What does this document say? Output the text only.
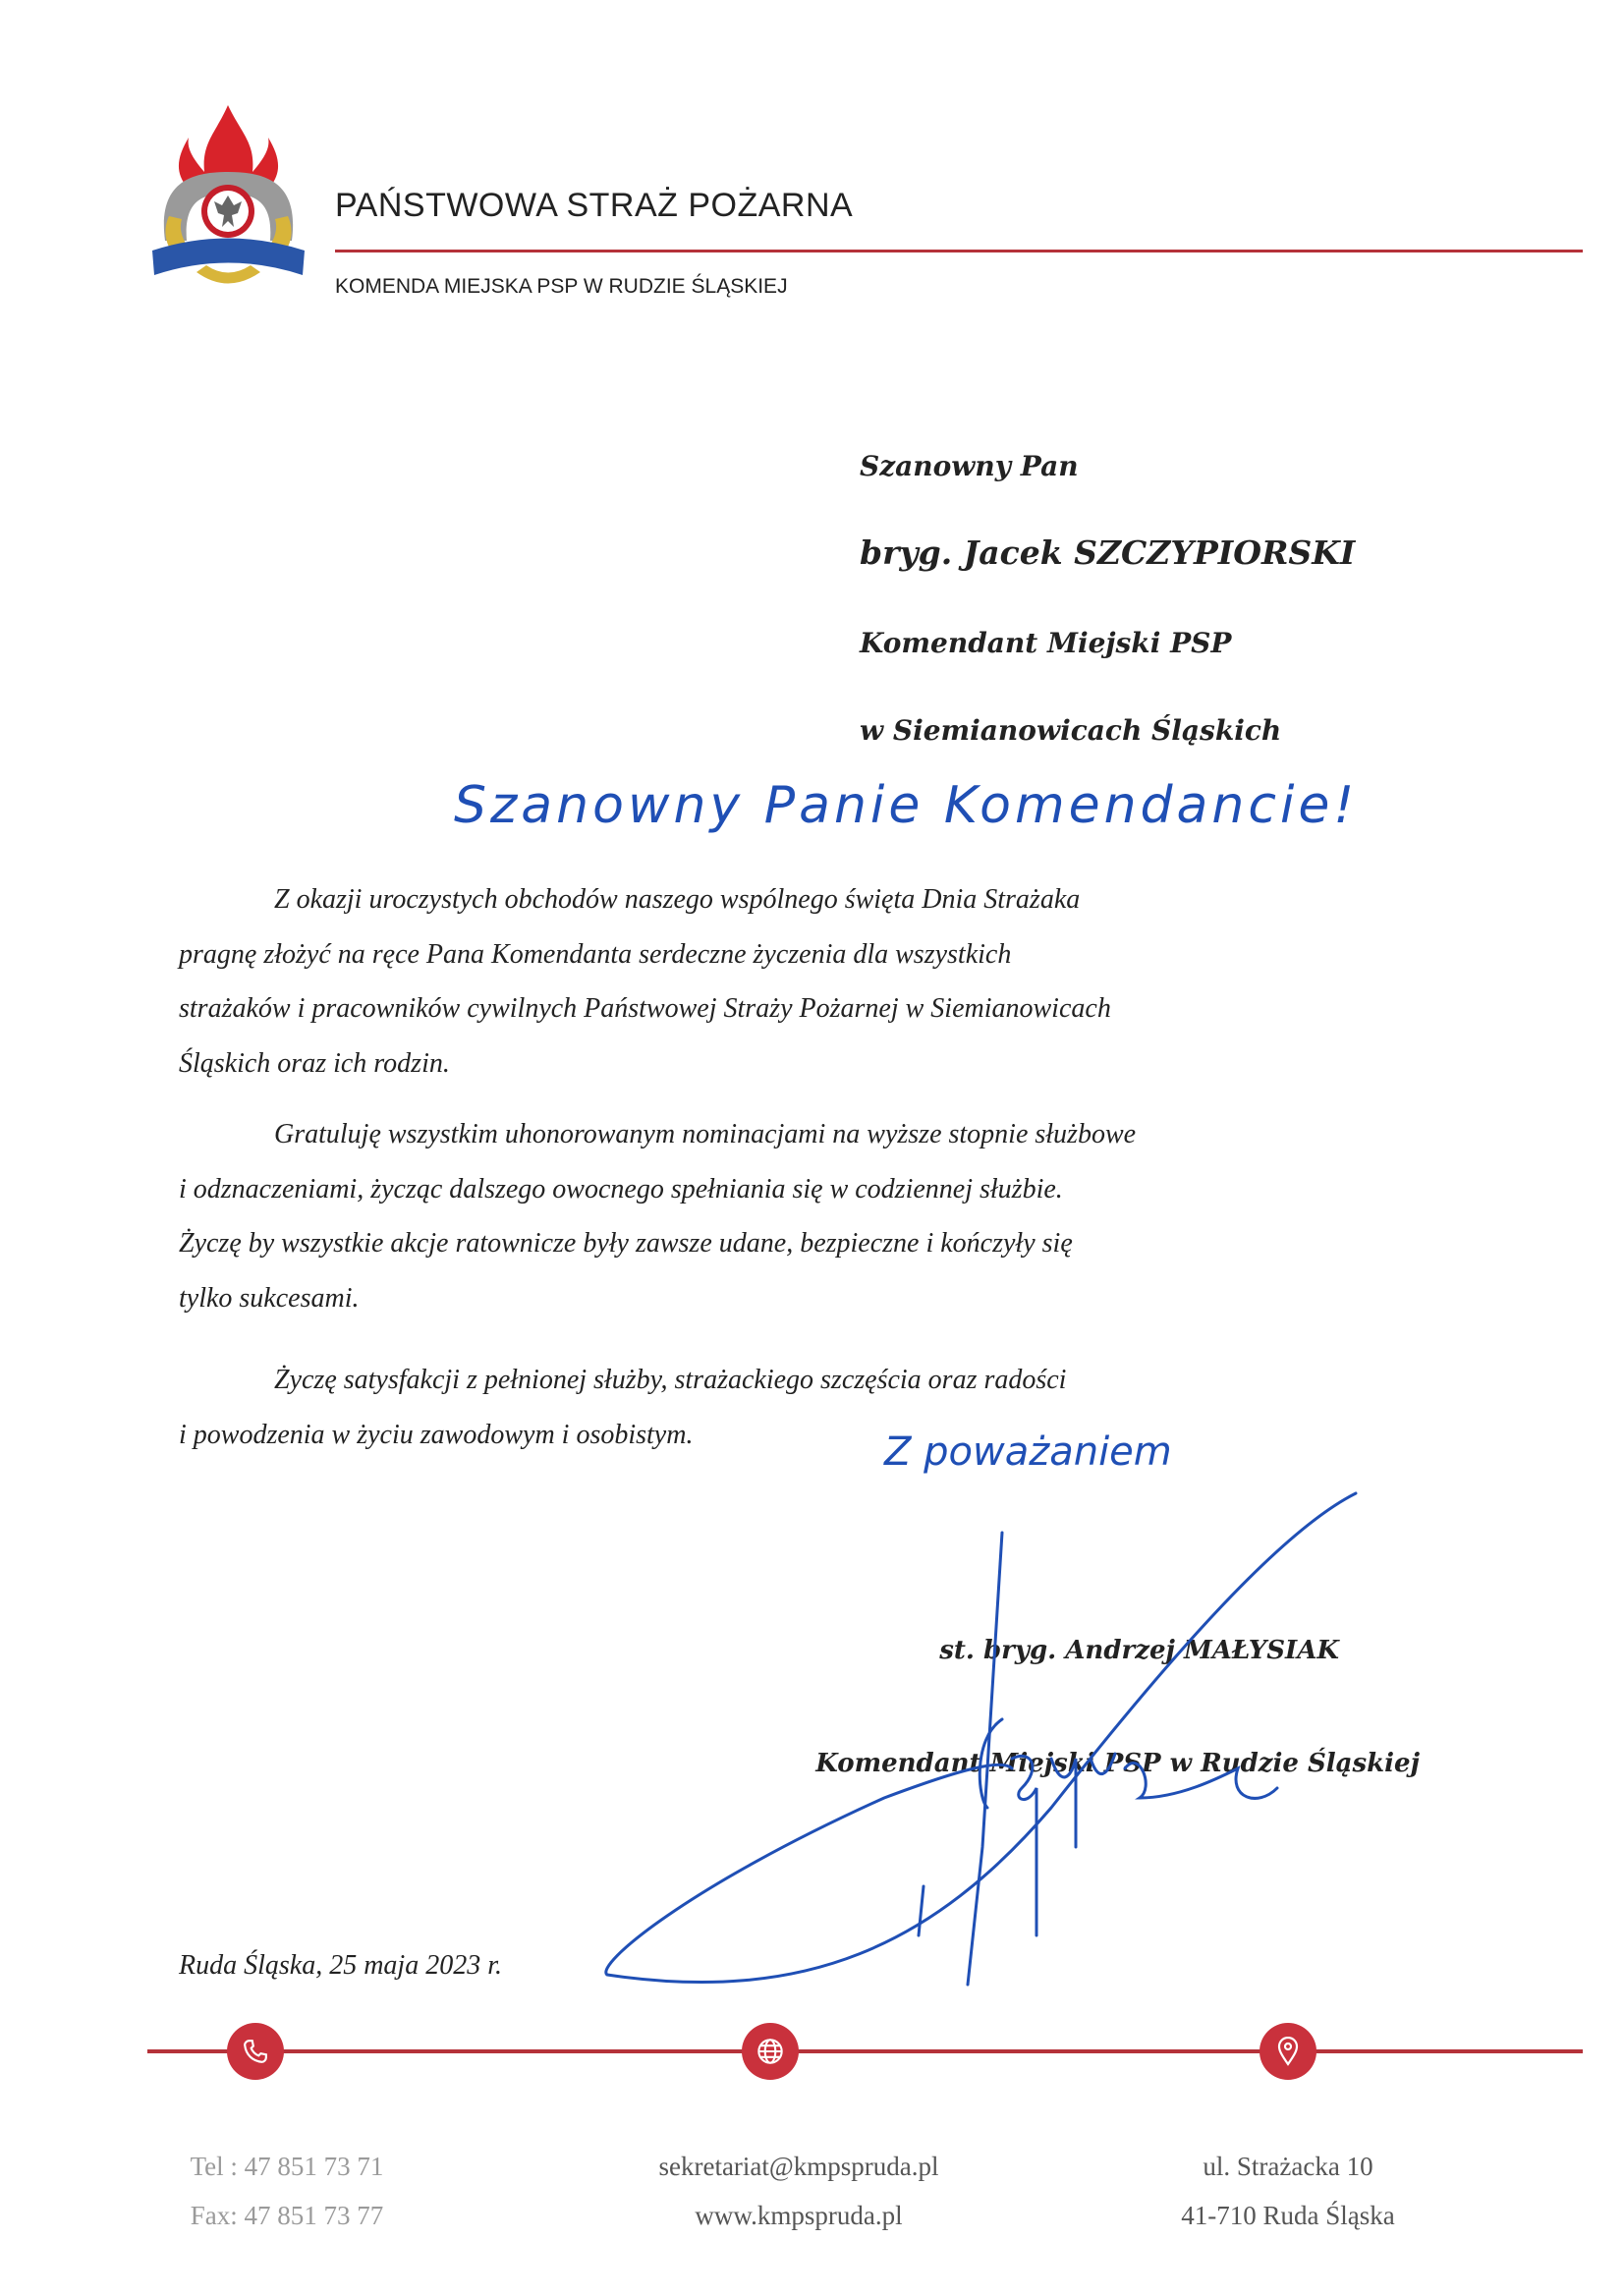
PAŃSTWOWA STRAŻ POŻARNA
KOMENDA MIEJSKA PSP W RUDZIE ŚLĄSKIEJ
Szanowny Pan
bryg. Jacek SZCZYPIORSKI
Komendant Miejski PSP
w Siemianowicach Śląskich
Szanowny Panie Komendancie!
Z okazji uroczystych obchodów naszego wspólnego święta Dnia Strażaka
pragnę złożyć na ręce Pana Komendanta serdeczne życzenia dla wszystkich
strażaków i pracowników cywilnych Państwowej Straży Pożarnej w Siemianowicach
Śląskich oraz ich rodzin.
Gratuluję wszystkim uhonorowanym nominacjami na wyższe stopnie służbowe
i odznaczeniami, życząc dalszego owocnego spełniania się w codziennej służbie.
Życzę by wszystkie akcje ratownicze były zawsze udane, bezpieczne i kończyły się
tylko sukcesami.
Życzę satysfakcji z pełnionej służby, strażackiego szczęścia oraz radości
i powodzenia w życiu zawodowym i osobistym.	Z poważaniem
st. bryg. Andrzej MAŁYSIAK
Komendant Miejski PSP w Rudzie Śląskiej
Ruda Śląska, 25 maja 2023 r.
Tel : 47 851 73 71
Fax: 47 851 73 77
sekretariat@kmpspruda.pl
www.kmpspruda.pl
ul. Strażacka 10
41-710 Ruda Śląska
